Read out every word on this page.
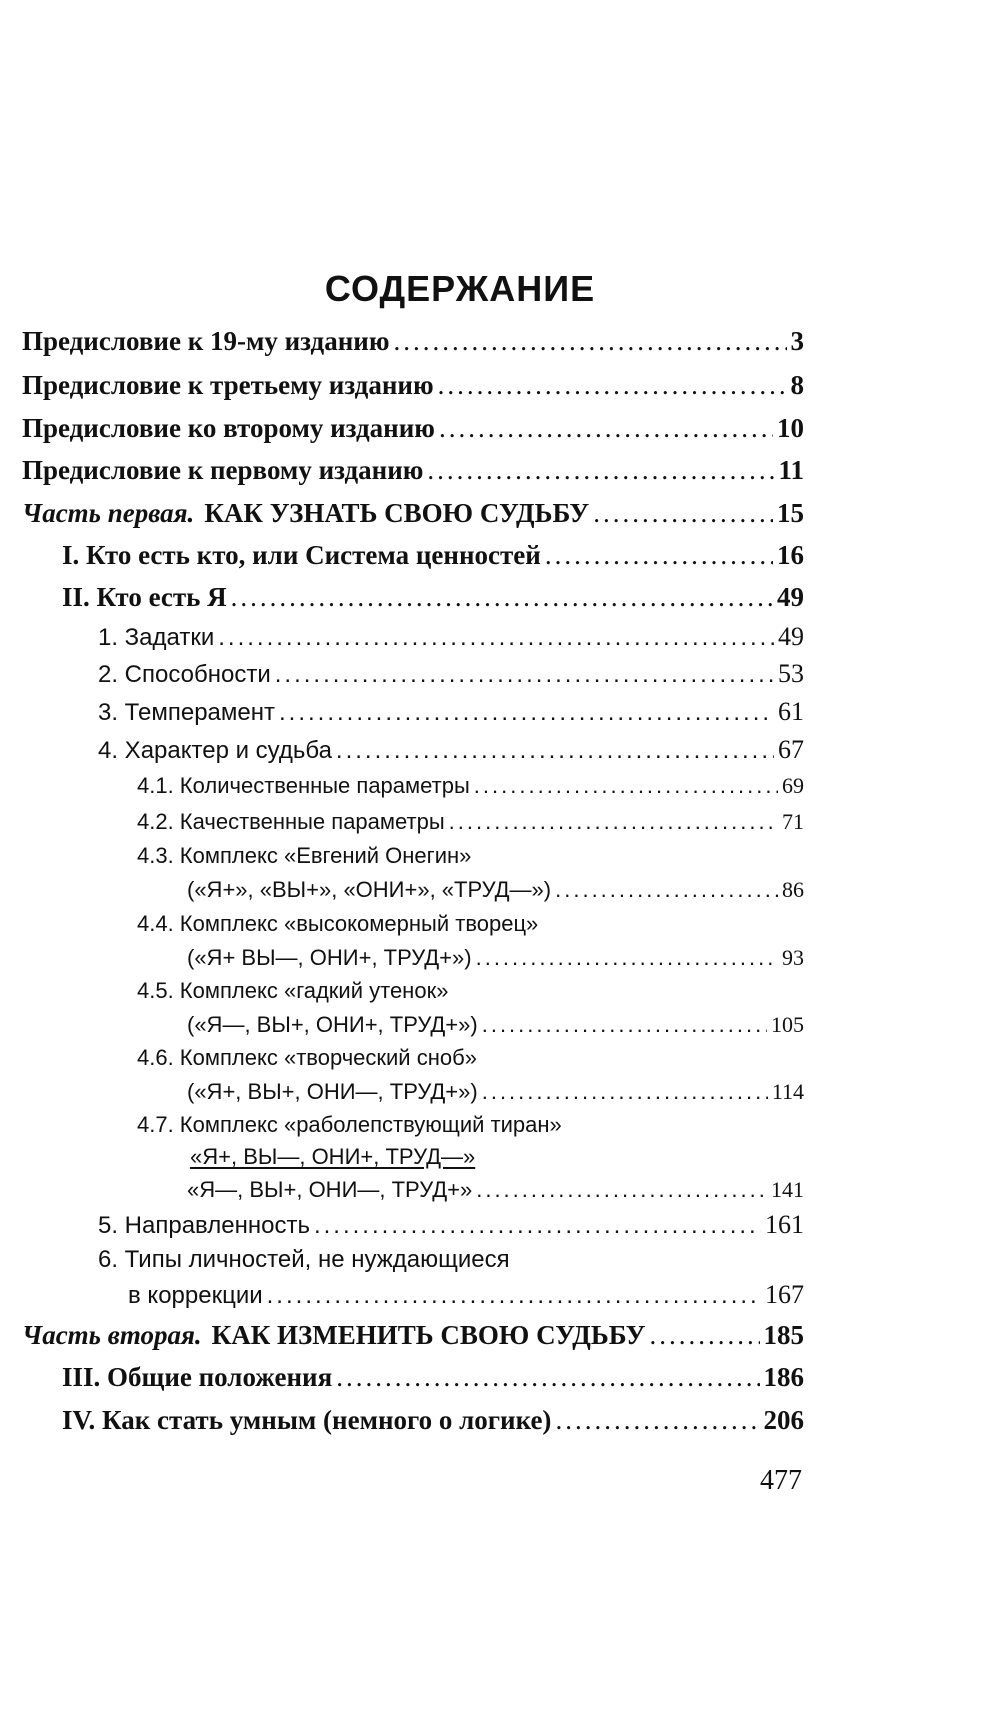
СОДЕРЖАНИЕ
Предисловие к 19-му изданию .....	3
Предисловие к третьему изданию .....	8
Предисловие ко второму изданию .....	10
Предисловие к первому изданию .....	11
Часть первая. КАК УЗНАТЬ СВОЮ СУДЬБУ .....	15
I. Кто есть кто, или Система ценностей .....	16
II. Кто есть Я .....	49
1. Задатки .....	49
2. Способности .....	53
3. Темперамент .....	61
4. Характер и судьба .....	67
4.1. Количественные параметры .....	69
4.2. Качественные параметры .....	71
4.3. Комплекс «Евгений Онегин»
(«Я+», «ВЫ+», «ОНИ+», «ТРУД—») .....	86
4.4. Комплекс «высокомерный творец»
(«Я+ ВЫ—, ОНИ+, ТРУД+») .....	93
4.5. Комплекс «гадкий утенок»
(«Я—, ВЫ+, ОНИ+, ТРУД+») .....	105
4.6. Комплекс «творческий сноб»
(«Я+, ВЫ+, ОНИ—, ТРУД+») .....	114
4.7. Комплекс «раболепствующий тиран»
«Я+, ВЫ—, ОНИ+, ТРУД—»
«Я—, ВЫ+, ОНИ—, ТРУД+» .....	141
5. Направленность .....	161
6. Типы личностей, не нуждающиеся
в коррекции .....	167
Часть вторая. КАК ИЗМЕНИТЬ СВОЮ СУДЬБУ .....	185
III. Общие положения .....	186
IV. Как стать умным (немного о логике) .....	206
477
